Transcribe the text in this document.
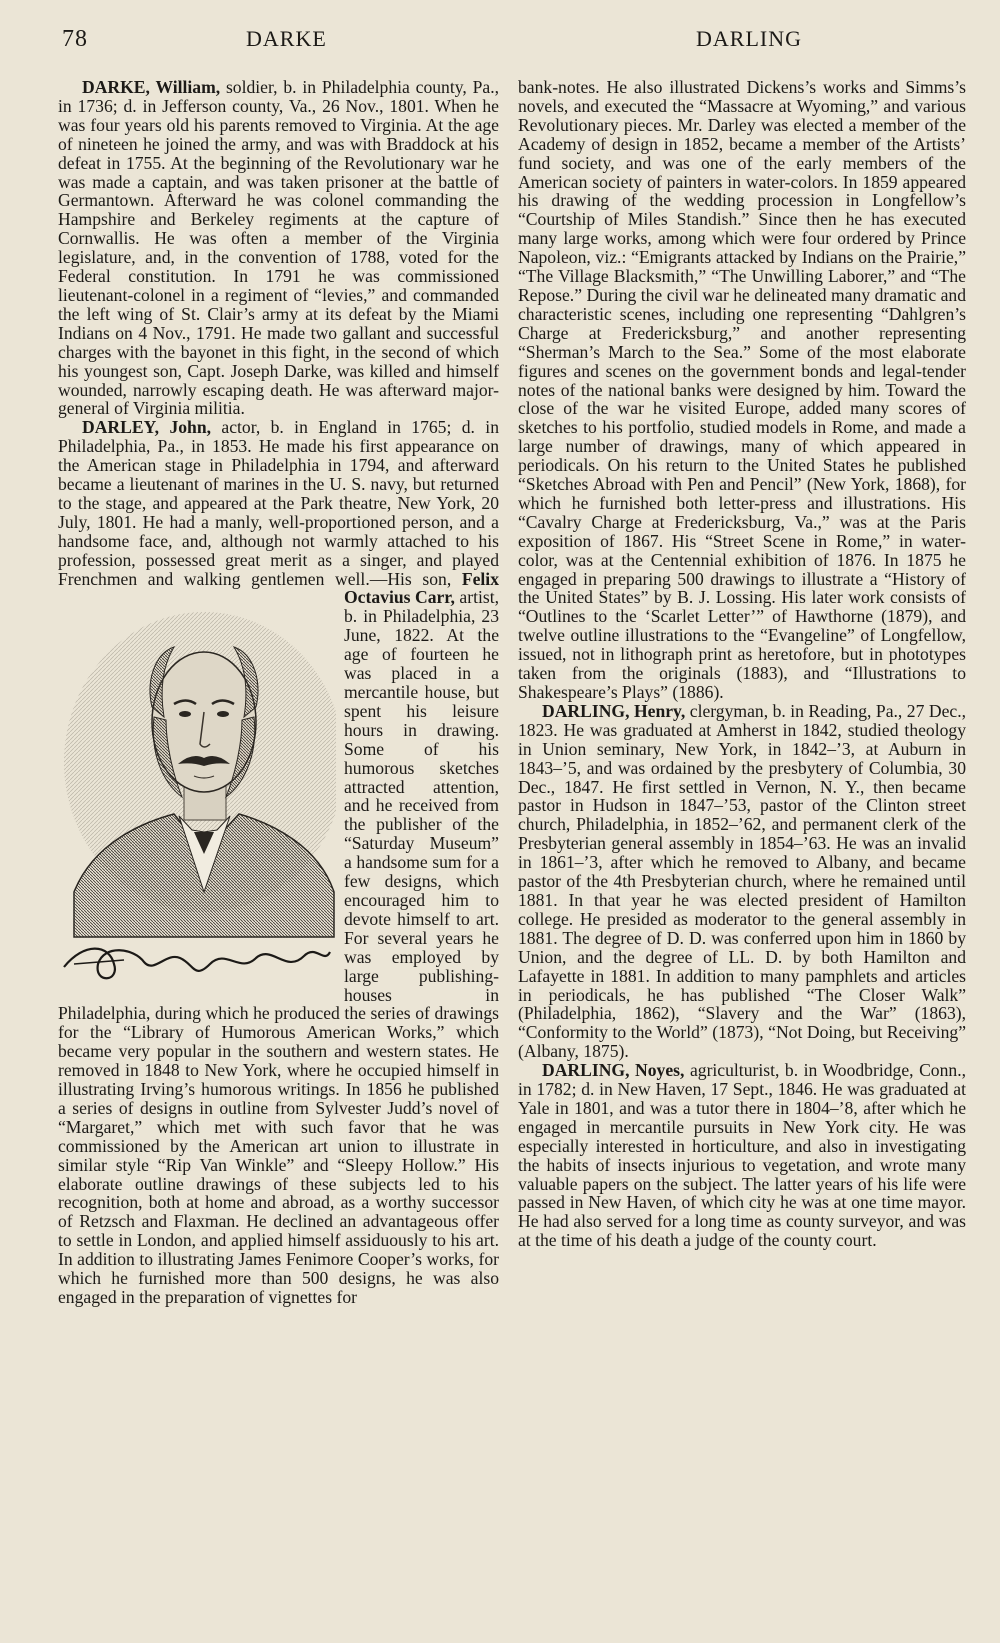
78	DARKE	DARLING

DARKE, William, soldier, b. in Philadelphia county, Pa., in 1736; d. in Jefferson county, Va., 26 Nov., 1801. When he was four years old his parents removed to Virginia. At the age of nineteen he joined the army, and was with Braddock at his defeat in 1755. At the beginning of the Revolutionary war he was made a captain, and was taken prisoner at the battle of Germantown. Afterward he was colonel commanding the Hampshire and Berkeley regiments at the capture of Cornwallis. He was often a member of the Virginia legislature, and, in the convention of 1788, voted for the Federal constitution. In 1791 he was commissioned lieutenant-colonel in a regiment of “levies,” and commanded the left wing of St. Clair’s army at its defeat by the Miami Indians on 4 Nov., 1791. He made two gallant and successful charges with the bayonet in this fight, in the second of which his youngest son, Capt. Joseph Darke, was killed and himself wounded, narrowly escaping death. He was afterward major-general of Virginia militia.

DARLEY, John, actor, b. in England in 1765; d. in Philadelphia, Pa., in 1853. He made his first appearance on the American stage in Philadelphia in 1794, and afterward became a lieutenant of marines in the U. S. navy, but returned to the stage, and appeared at the Park theatre, New York, 20 July, 1801. He had a manly, well-proportioned person, and a handsome face, and, although not warmly attached to his profession, possessed great merit as a singer, and played Frenchmen and walking gentlemen well.—His son, Felix Octavius Carr,
artist, b. in Philadelphia, 23 June, 1822. At the age of fourteen he was placed in a mercantile house, but spent his leisure hours in drawing. Some of his humorous sketches attracted attention, and he received from the publisher of the “Saturday Museum” a handsome sum for a few designs, which encouraged him to devote himself to art. For several years he was employed by large publishing-houses in Philadelphia, during which he produced the series of drawings for the “Library of Humorous American Works,” which became very popular in the southern and western states. He removed in 1848 to New York, where he occupied himself in illustrating Irving’s humorous writings. In 1856 he published a series of designs in outline from Sylvester Judd’s novel of “Margaret,” which met with such favor that he was commissioned by the American art union to illustrate in similar style “Rip Van Winkle” and “Sleepy Hollow.” His elaborate outline drawings of these subjects led to his recognition, both at home and abroad, as a worthy successor of Retzsch and Flaxman. He declined an advantageous offer to settle in London, and applied himself assiduously to his art. In addition to illustrating James Fenimore Cooper’s works, for which he furnished more than 500 designs, he was also engaged in the preparation of vignettes for

bank-notes. He also illustrated Dickens’s works and Simms’s novels, and executed the “Massacre at Wyoming,” and various Revolutionary pieces. Mr. Darley was elected a member of the Academy of design in 1852, became a member of the Artists’ fund society, and was one of the early members of the American society of painters in water-colors. In 1859 appeared his drawing of the wedding procession in Longfellow’s “Courtship of Miles Standish.” Since then he has executed many large works, among which were four ordered by Prince Napoleon, viz.: “Emigrants attacked by Indians on the Prairie,” “The Village Blacksmith,” “The Unwilling Laborer,” and “The Repose.” During the civil war he delineated many dramatic and characteristic scenes, including one representing “Dahlgren’s Charge at Fredericksburg,” and another representing “Sherman’s March to the Sea.” Some of the most elaborate figures and scenes on the government bonds and legal-tender notes of the national banks were designed by him. Toward the close of the war he visited Europe, added many scores of sketches to his portfolio, studied models in Rome, and made a large number of drawings, many of which appeared in periodicals. On his return to the United States he published “Sketches Abroad with Pen and Pencil” (New York, 1868), for which he furnished both letter-press and illustrations. His “Cavalry Charge at Fredericksburg, Va.,” was at the Paris exposition of 1867. His “Street Scene in Rome,” in water-color, was at the Centennial exhibition of 1876. In 1875 he engaged in preparing 500 drawings to illustrate a “History of the United States” by B. J. Lossing. His later work consists of “Outlines to the ‘Scarlet Letter’” of Hawthorne (1879), and twelve outline illustrations to the “Evangeline” of Longfellow, issued, not in lithograph print as heretofore, but in phototypes taken from the originals (1883), and “Illustrations to Shakespeare’s Plays” (1886).

DARLING, Henry, clergyman, b. in Reading, Pa., 27 Dec., 1823. He was graduated at Amherst in 1842, studied theology in Union seminary, New York, in 1842–’3, at Auburn in 1843–’5, and was ordained by the presbytery of Columbia, 30 Dec., 1847. He first settled in Vernon, N. Y., then became pastor in Hudson in 1847–’53, pastor of the Clinton street church, Philadelphia, in 1852–’62, and permanent clerk of the Presbyterian general assembly in 1854–’63. He was an invalid in 1861–’3, after which he removed to Albany, and became pastor of the 4th Presbyterian church, where he remained until 1881. In that year he was elected president of Hamilton college. He presided as moderator to the general assembly in 1881. The degree of D. D. was conferred upon him in 1860 by Union, and the degree of LL. D. by both Hamilton and Lafayette in 1881. In addition to many pamphlets and articles in periodicals, he has published “The Closer Walk” (Philadelphia, 1862), “Slavery and the War” (1863), “Conformity to the World” (1873), “Not Doing, but Receiving” (Albany, 1875).

DARLING, Noyes, agriculturist, b. in Woodbridge, Conn., in 1782; d. in New Haven, 17 Sept., 1846. He was graduated at Yale in 1801, and was a tutor there in 1804–’8, after which he engaged in mercantile pursuits in New York city. He was especially interested in horticulture, and also in investigating the habits of insects injurious to vegetation, and wrote many valuable papers on the subject. The latter years of his life were passed in New Haven, of which city he was at one time mayor. He had also served for a long time as county surveyor, and was at the time of his death a judge of the county court.
